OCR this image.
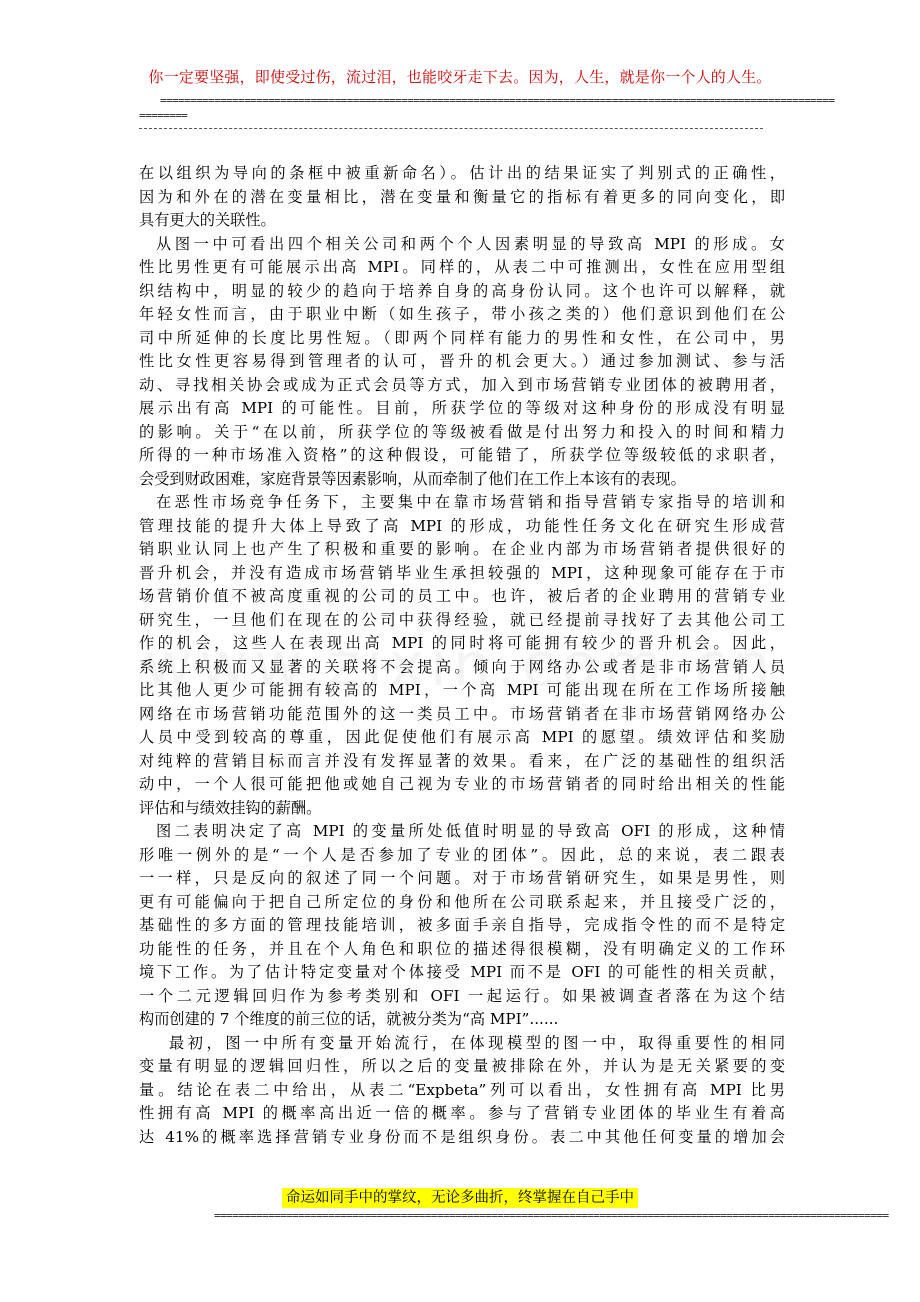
你一定要坚强，即使受过伤，流过泪，也能咬牙走下去。因为，人生，就是你一个人的人生。
================================================================================================================
========
在以组织为导向的条框中被重新命名）。估计出的结果证实了判别式的正确性，
因为和外在的潜在变量相比，潜在变量和衡量它的指标有着更多的同向变化，即
具有更大的关联性。
从图一中可看出四个相关公司和两个个人因素明显的导致高 MPI 的形成。女
性比男性更有可能展示出高 MPI。同样的，从表二中可推测出，女性在应用型组
织结构中，明显的较少的趋向于培养自身的高身份认同。这个也许可以解释，就
年轻女性而言，由于职业中断（如生孩子，带小孩之类的）他们意识到他们在公
司中所延伸的长度比男性短。（即两个同样有能力的男性和女性，在公司中，男
性比女性更容易得到管理者的认可，晋升的机会更大。）通过参加测试、参与活
动、寻找相关协会或成为正式会员等方式，加入到市场营销专业团体的被聘用者，
展示出有高 MPI 的可能性。目前，所获学位的等级对这种身份的形成没有明显
的影响。关于“在以前，所获学位的等级被看做是付出努力和投入的时间和精力
所得的一种市场准入资格”的这种假设，可能错了，所获学位等级较低的求职者，
会受到财政困难，家庭背景等因素影响，从而牵制了他们在工作上本该有的表现。
在恶性市场竞争任务下，主要集中在靠市场营销和指导营销专家指导的培训和
管理技能的提升大体上导致了高 MPI 的形成，功能性任务文化在研究生形成营
销职业认同上也产生了积极和重要的影响。在企业内部为市场营销者提供很好的
晋升机会，并没有造成市场营销毕业生承担较强的 MPI，这种现象可能存在于市
场营销价值不被高度重视的公司的员工中。也许，被后者的企业聘用的营销专业
研究生，一旦他们在现在的公司中获得经验，就已经提前寻找好了去其他公司工
作的机会，这些人在表现出高 MPI 的同时将可能拥有较少的晋升机会。因此，
系统上积极而又显著的关联将不会提高。倾向于网络办公或者是非市场营销人员
比其他人更少可能拥有较高的 MPI，一个高 MPI 可能出现在所在工作场所接触
网络在市场营销功能范围外的这一类员工中。市场营销者在非市场营销网络办公
人员中受到较高的尊重，因此促使他们有展示高 MPI 的愿望。绩效评估和奖励
对纯粹的营销目标而言并没有发挥显著的效果。看来，在广泛的基础性的组织活
动中，一个人很可能把他或她自己视为专业的市场营销者的同时给出相关的性能
评估和与绩效挂钩的薪酬。
图二表明决定了高 MPI 的变量所处低值时明显的导致高 OFI 的形成，这种情
形唯一例外的是“一个人是否参加了专业的团体”。因此，总的来说，表二跟表
一一样，只是反向的叙述了同一个问题。对于市场营销研究生，如果是男性，则
更有可能偏向于把自己所定位的身份和他所在公司联系起来，并且接受广泛的，
基础性的多方面的管理技能培训，被多面手亲自指导，完成指令性的而不是特定
功能性的任务，并且在个人角色和职位的描述得很模糊，没有明确定义的工作环
境下工作。为了估计特定变量对个体接受 MPI 而不是 OFI 的可能性的相关贡献，
一个二元逻辑回归作为参考类别和 OFI 一起运行。如果被调查者落在为这个结
构而创建的 7 个维度的前三位的话，就被分类为“高 MPI”......
最初，图一中所有变量开始流行，在体现模型的图一中，取得重要性的相同
变量有明显的逻辑回归性，所以之后的变量被排除在外，并认为是无关紧要的变
量。结论在表二中给出，从表二“Expbeta”列可以看出，女性拥有高 MPI 比男
性拥有高 MPI 的概率高出近一倍的概率。参与了营销专业团体的毕业生有着高
达 41%的概率选择营销专业身份而不是组织身份。表二中其他任何变量的增加会
命运如同手中的掌纹，无论多曲折，终掌握在自己手中
================================================================================================================
